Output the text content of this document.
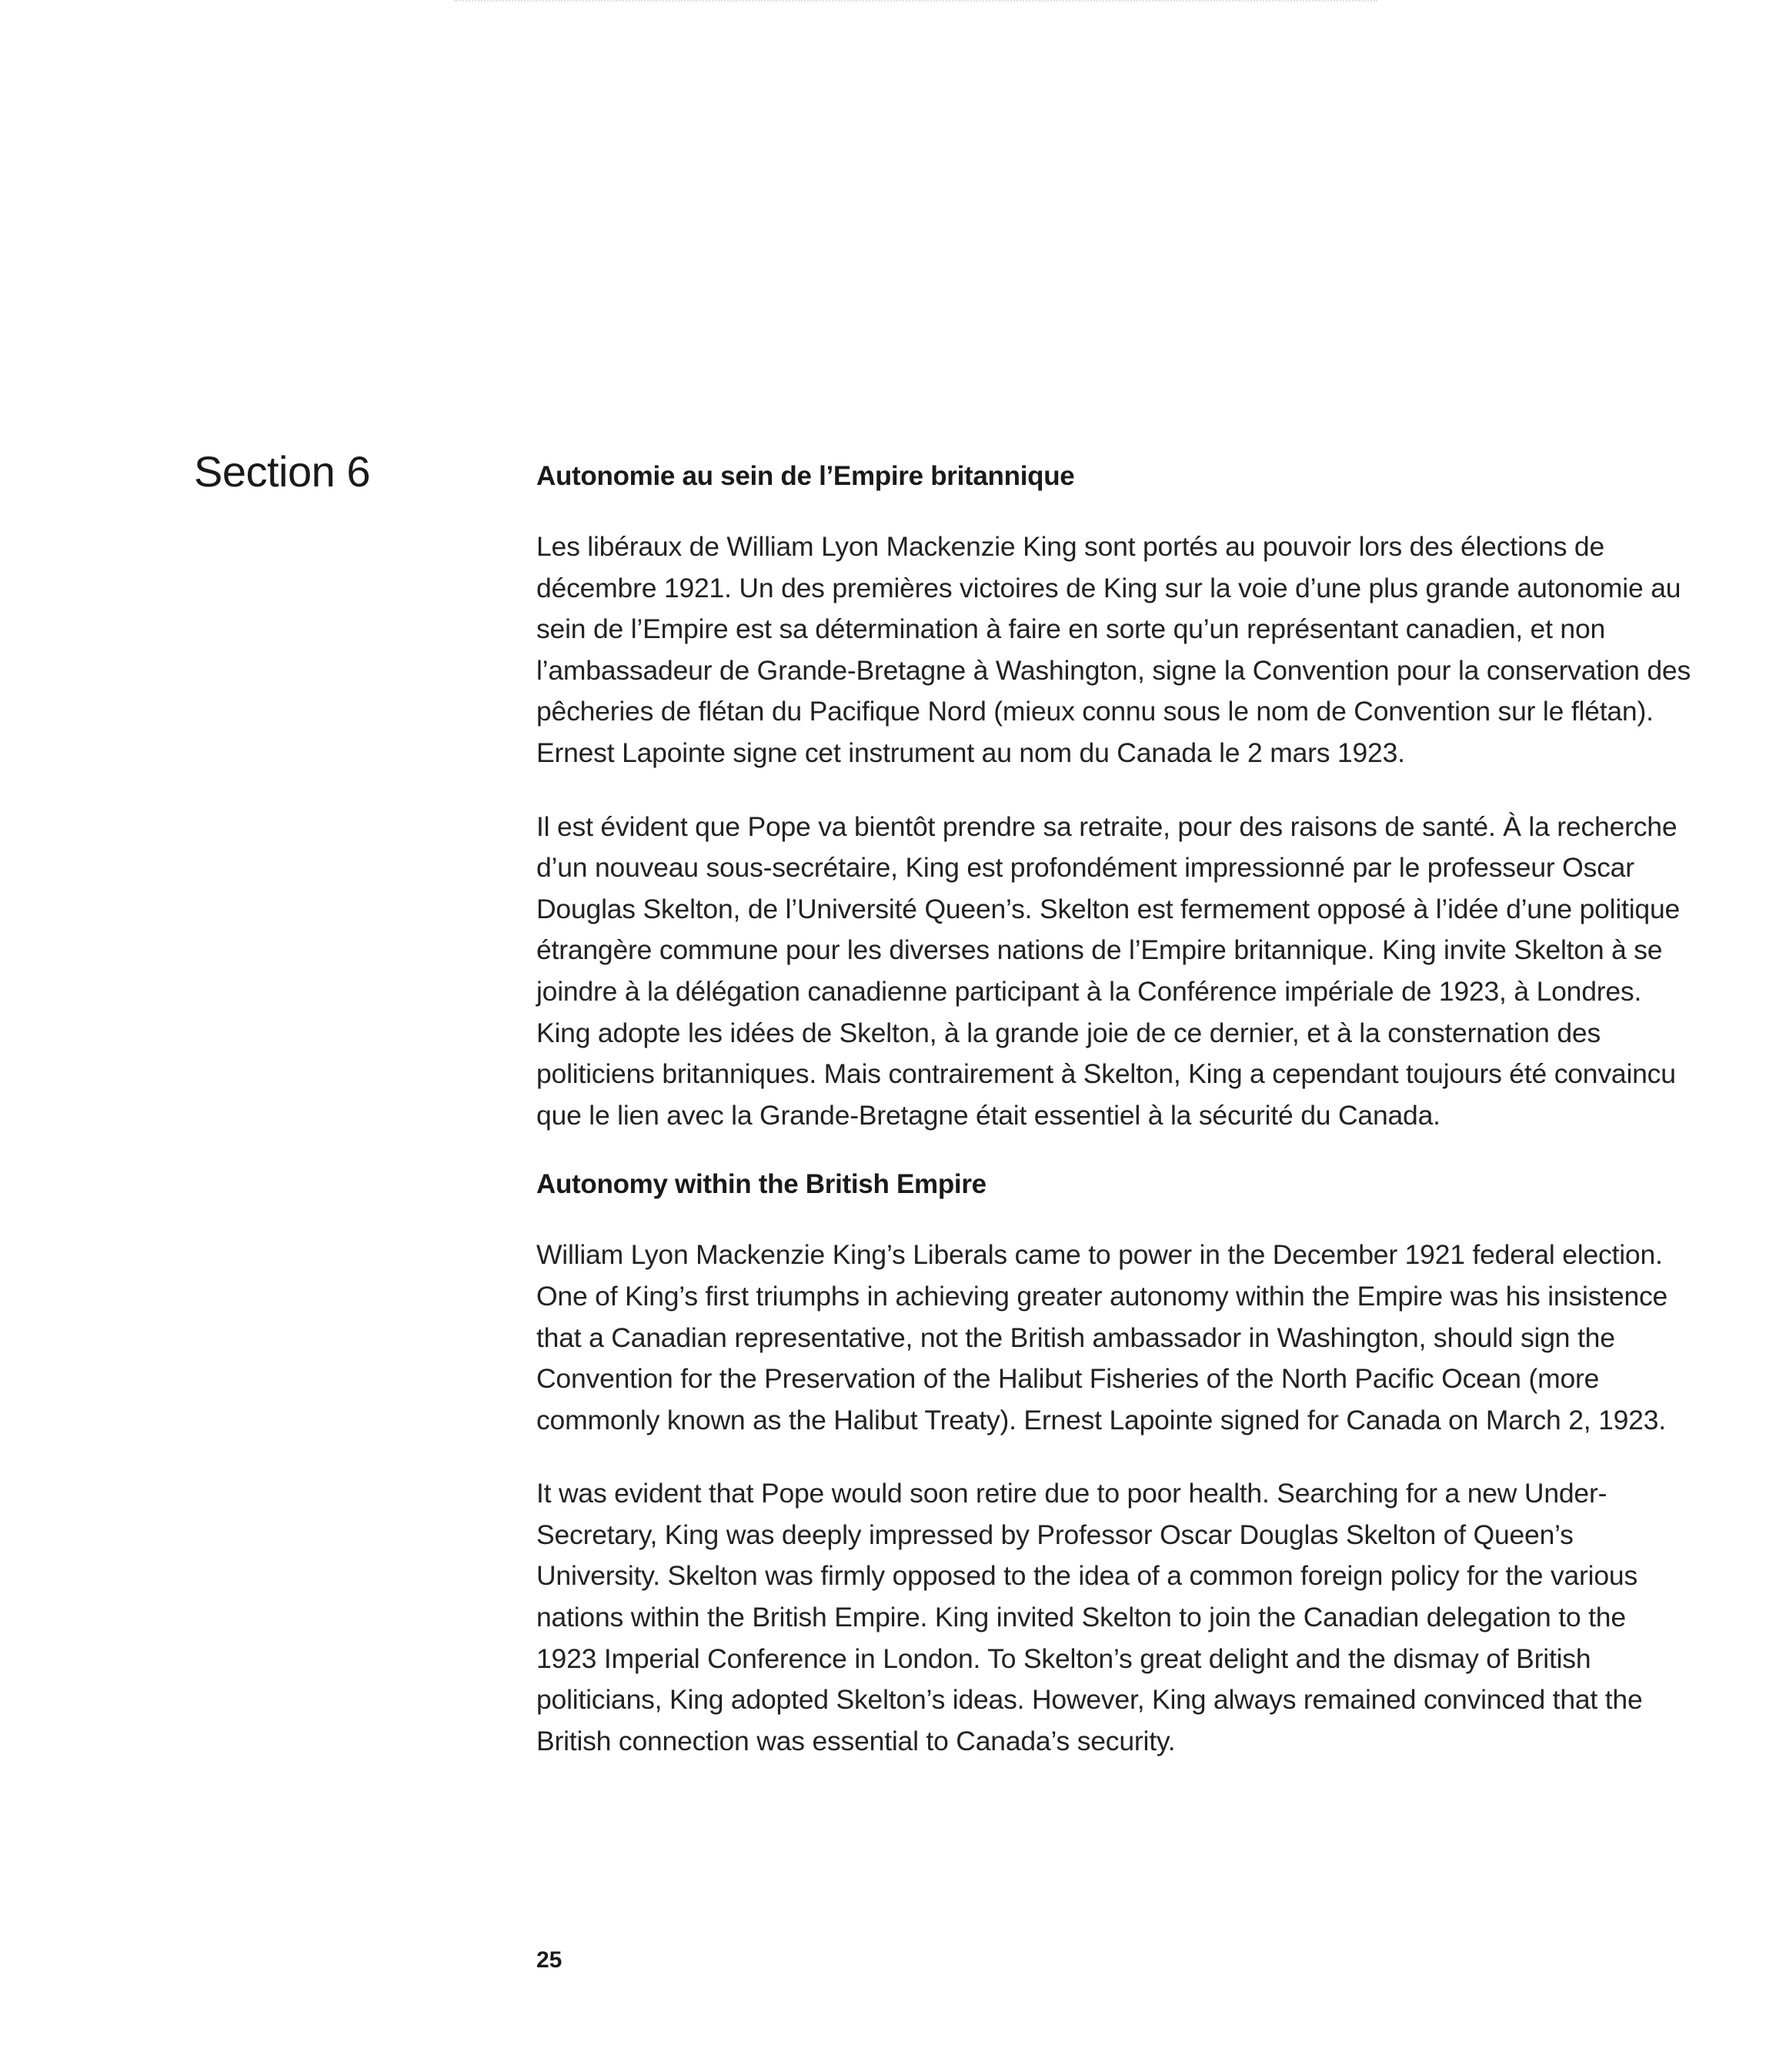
Section 6	Autonomie au sein de l’Empire britannique

Les libéraux de William Lyon Mackenzie King sont portés au pouvoir lors des élections de décembre 1921. Un des premières victoires de King sur la voie d’une plus grande autonomie au sein de l’Empire est sa détermination à faire en sorte qu’un représentant canadien, et non l’ambassadeur de Grande-Bretagne à Washington, signe la Convention pour la conservation des pêcheries de flétan du Pacifique Nord (mieux connu sous le nom de Convention sur le flétan). Ernest Lapointe signe cet instrument au nom du Canada le 2 mars 1923.

Il est évident que Pope va bientôt prendre sa retraite, pour des raisons de santé. À la recherche d’un nouveau sous-secrétaire, King est profondément impressionné par le professeur Oscar Douglas Skelton, de l’Université Queen’s. Skelton est fermement opposé à l’idée d’une politique étrangère commune pour les diverses nations de l’Empire britannique. King invite Skelton à se joindre à la délégation canadienne participant à la Conférence impériale de 1923, à Londres. King adopte les idées de Skelton, à la grande joie de ce dernier, et à la consternation des politiciens britanniques. Mais contrairement à Skelton, King a cependant toujours été convaincu que le lien avec la Grande-Bretagne était essentiel à la sécurité du Canada.

Autonomy within the British Empire

William Lyon Mackenzie King’s Liberals came to power in the December 1921 federal election. One of King’s first triumphs in achieving greater autonomy within the Empire was his insistence that a Canadian representative, not the British ambassador in Washington, should sign the Convention for the Preservation of the Halibut Fisheries of the North Pacific Ocean (more commonly known as the Halibut Treaty). Ernest Lapointe signed for Canada on March 2, 1923.

It was evident that Pope would soon retire due to poor health. Searching for a new Under-Secretary, King was deeply impressed by Professor Oscar Douglas Skelton of Queen’s University. Skelton was firmly opposed to the idea of a common foreign policy for the various nations within the British Empire. King invited Skelton to join the Canadian delegation to the 1923 Imperial Conference in London. To Skelton’s great delight and the dismay of British politicians, King adopted Skelton’s ideas. However, King always remained convinced that the British connection was essential to Canada’s security.

25
